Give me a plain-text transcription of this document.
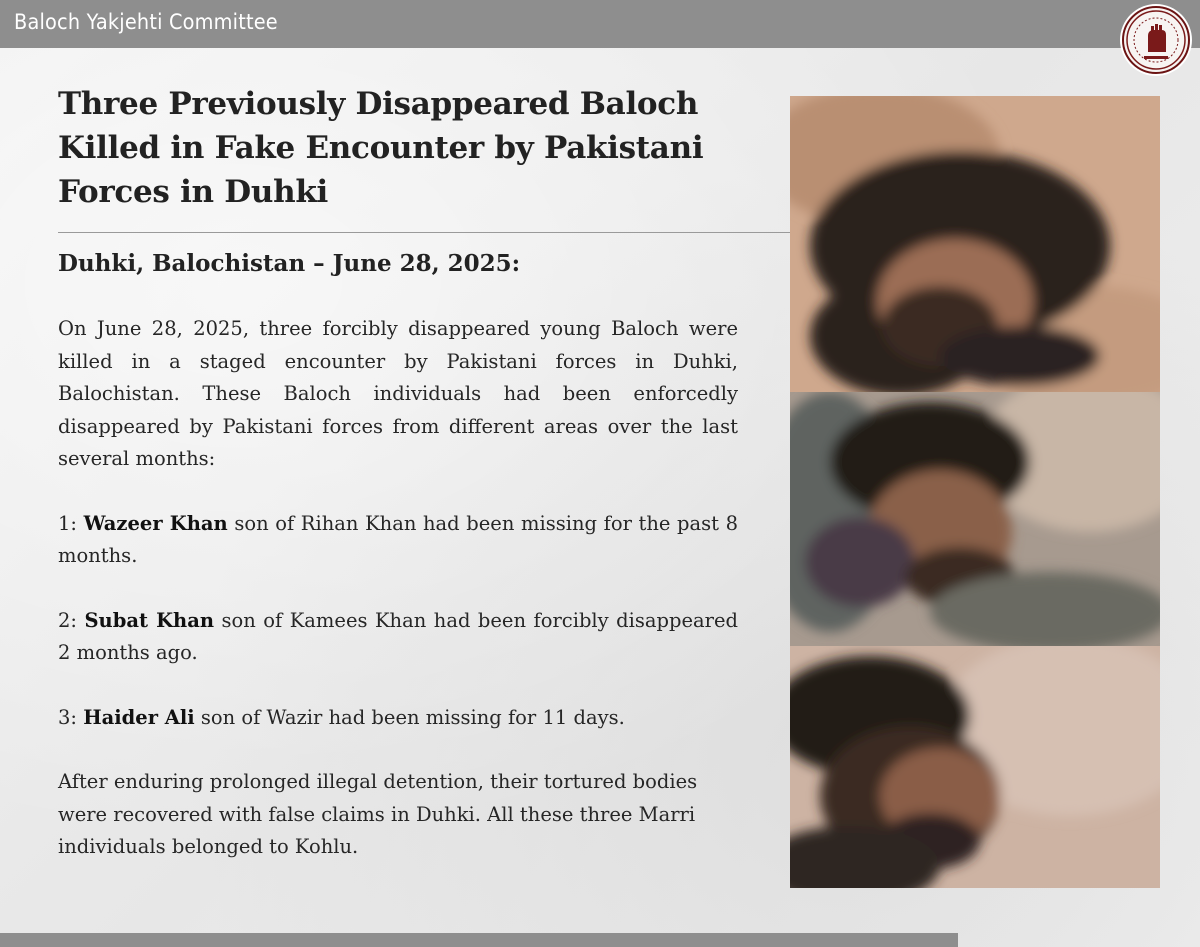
Baloch Yakjehti Committee
Three Previously Disappeared Baloch Killed in Fake Encounter by Pakistani Forces in Duhki
Duhki, Balochistan – June 28, 2025:

On June 28, 2025, three forcibly disappeared young Baloch were killed in a staged encounter by Pakistani forces in Duhki, Balochistan. These Baloch individuals had been enforcedly disappeared by Pakistani forces from different areas over the last several months:

1: Wazeer Khan son of Rihan Khan had been missing for the past 8 months.

2: Subat Khan son of Kamees Khan had been forcibly disappeared 2 months ago.

3: Haider Ali son of Wazir had been missing for 11 days.

After enduring prolonged illegal detention, their tortured bodies were recovered with false claims in Duhki. All these three Marri individuals belonged to Kohlu.
